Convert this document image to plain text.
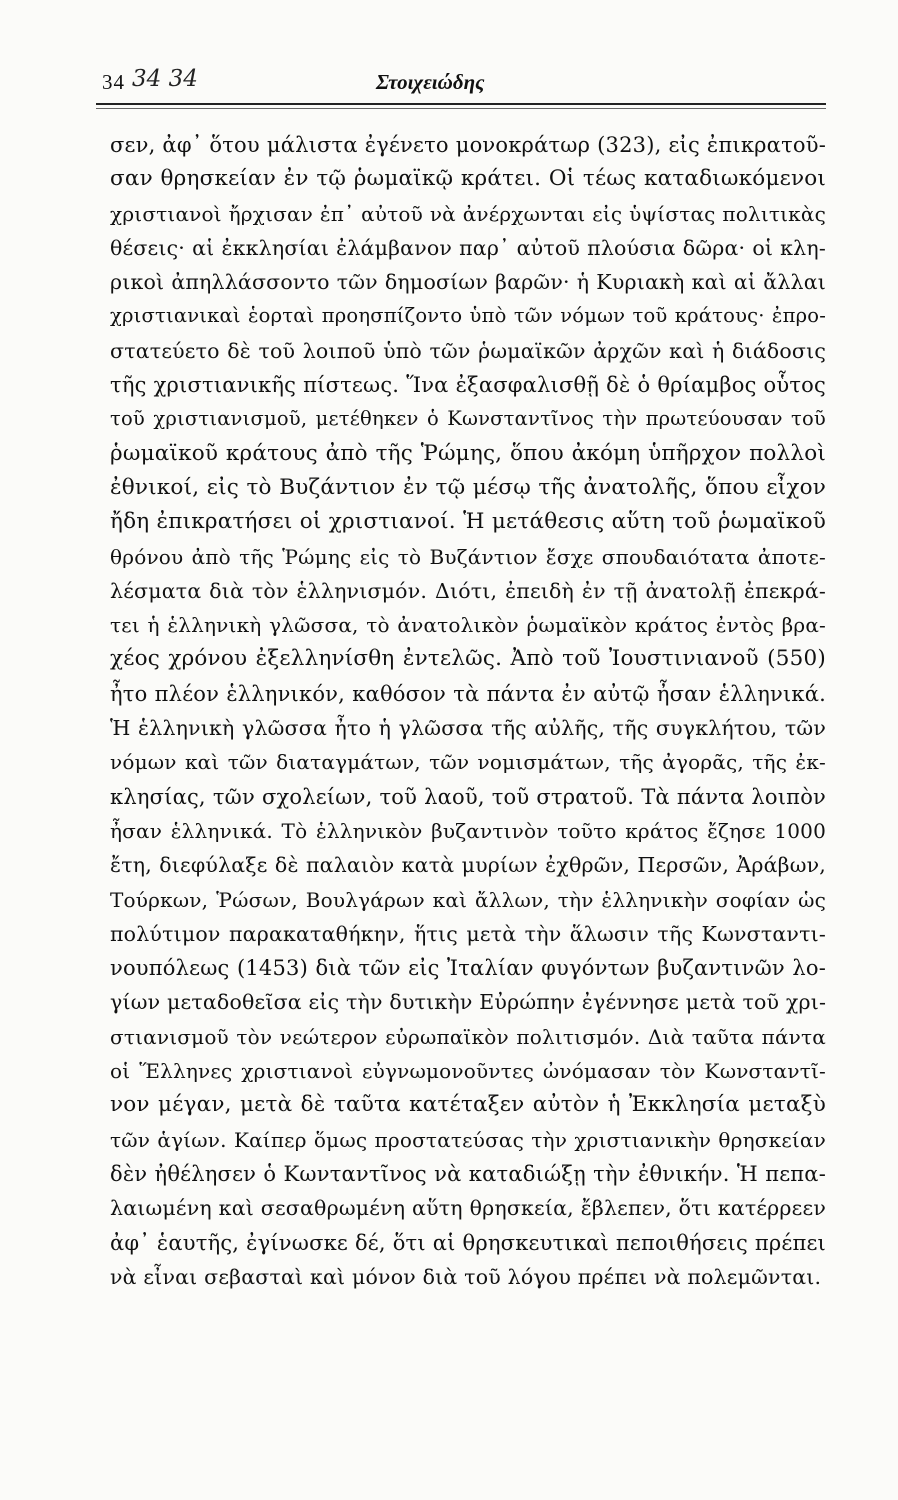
34 34 34	Στοιχειώδης
σεν, ἀφ᾽ ὅτου μάλιστα ἐγένετο μονοκράτωρ (323), εἰς ἐπικρατοῦ-
σαν θρησκείαν ἐν τῷ ῥωμαϊκῷ κράτει. Οἱ τέως καταδιωκόμενοι
χριστιανοὶ ἤρχισαν ἐπ᾽ αὐτοῦ νὰ ἀνέρχωνται εἰς ὑψίστας πολιτικὰς
θέσεις· αἱ ἐκκλησίαι ἐλάμβανον παρ᾽ αὐτοῦ πλούσια δῶρα· οἱ κλη-
ρικοὶ ἀπηλλάσσοντο τῶν δημοσίων βαρῶν· ἡ Κυριακὴ καὶ αἱ ἄλλαι
χριστιανικαὶ ἑορταὶ προησπίζοντο ὑπὸ τῶν νόμων τοῦ κράτους· ἐπρο-
στατεύετο δὲ τοῦ λοιποῦ ὑπὸ τῶν ῥωμαϊκῶν ἀρχῶν καὶ ἡ διάδοσις
τῆς χριστιανικῆς πίστεως. Ἵνα ἐξασφαλισθῇ δὲ ὁ θρίαμβος οὗτος
τοῦ χριστιανισμοῦ, μετέθηκεν ὁ Κωνσταντῖνος τὴν πρωτεύουσαν τοῦ
ῥωμαϊκοῦ κράτους ἀπὸ τῆς Ῥώμης, ὅπου ἀκόμη ὑπῆρχον πολλοὶ
ἐθνικοί, εἰς τὸ Βυζάντιον ἐν τῷ μέσῳ τῆς ἀνατολῆς, ὅπου εἶχον
ἤδη ἐπικρατήσει οἱ χριστιανοί. Ἡ μετάθεσις αὕτη τοῦ ῥωμαϊκοῦ
θρόνου ἀπὸ τῆς Ῥώμης εἰς τὸ Βυζάντιον ἔσχε σπουδαιότατα ἀποτε-
λέσματα διὰ τὸν ἑλληνισμόν. Διότι, ἐπειδὴ ἐν τῇ ἀνατολῇ ἐπεκρά-
τει ἡ ἑλληνικὴ γλῶσσα, τὸ ἀνατολικὸν ῥωμαϊκὸν κράτος ἐντὸς βρα-
χέος χρόνου ἐξελληνίσθη ἐντελῶς. Ἀπὸ τοῦ Ἰουστινιανοῦ (550)
ἦτο πλέον ἑλληνικόν, καθόσον τὰ πάντα ἐν αὐτῷ ἦσαν ἑλληνικά.
Ἡ ἑλληνικὴ γλῶσσα ἦτο ἡ γλῶσσα τῆς αὐλῆς, τῆς συγκλήτου, τῶν
νόμων καὶ τῶν διαταγμάτων, τῶν νομισμάτων, τῆς ἀγορᾶς, τῆς ἐκ-
κλησίας, τῶν σχολείων, τοῦ λαοῦ, τοῦ στρατοῦ. Τὰ πάντα λοιπὸν
ἦσαν ἑλληνικά. Τὸ ἑλληνικὸν βυζαντινὸν τοῦτο κράτος ἔζησε 1000
ἔτη, διεφύλαξε δὲ παλαιὸν κατὰ μυρίων ἐχθρῶν, Περσῶν, Ἀράβων,
Τούρκων, Ῥώσων, Βουλγάρων καὶ ἄλλων, τὴν ἑλληνικὴν σοφίαν ὡς
πολύτιμον παρακαταθήκην, ἥτις μετὰ τὴν ἅλωσιν τῆς Κωνσταντι-
νουπόλεως (1453) διὰ τῶν εἰς Ἰταλίαν φυγόντων βυζαντινῶν λο-
γίων μεταδοθεῖσα εἰς τὴν δυτικὴν Εὐρώπην ἐγέννησε μετὰ τοῦ χρι-
στιανισμοῦ τὸν νεώτερον εὐρωπαϊκὸν πολιτισμόν. Διὰ ταῦτα πάντα
οἱ Ἕλληνες χριστιανοὶ εὐγνωμονοῦντες ὠνόμασαν τὸν Κωνσταντῖ-
νον μέγαν, μετὰ δὲ ταῦτα κατέταξεν αὐτὸν ἡ Ἐκκλησία μεταξὺ
τῶν ἁγίων. Καίπερ ὅμως προστατεύσας τὴν χριστιανικὴν θρησκείαν
δὲν ἠθέλησεν ὁ Κωνταντῖνος νὰ καταδιώξῃ τὴν ἐθνικήν. Ἡ πεπα-
λαιωμένη καὶ σεσαθρωμένη αὕτη θρησκεία, ἔβλεπεν, ὅτι κατέρρεεν
ἀφ᾽ ἑαυτῆς, ἐγίνωσκε δέ, ὅτι αἱ θρησκευτικαὶ πεποιθήσεις πρέπει
νὰ εἶναι σεβασταὶ καὶ μόνον διὰ τοῦ λόγου πρέπει νὰ πολεμῶνται.
